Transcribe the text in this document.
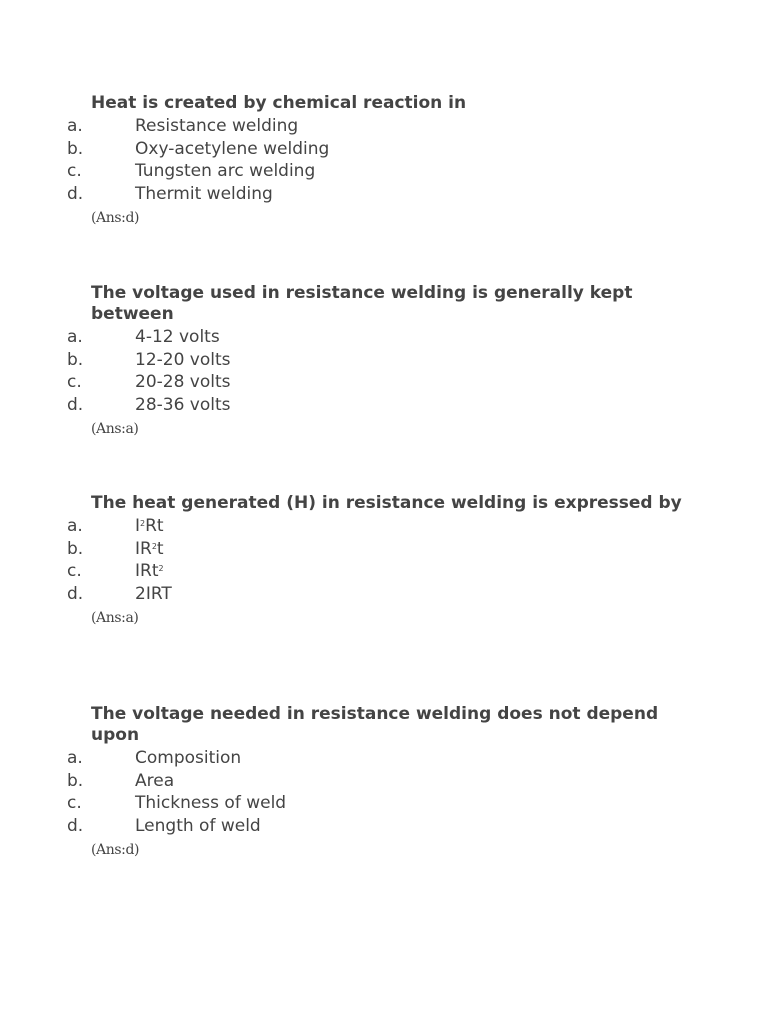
Heat is created by chemical reaction in

a.	Resistance welding
b.	Oxy-acetylene welding
c.	Tungsten arc welding
d.	Thermit welding
(Ans:d)

The voltage used in resistance welding is generally kept between

a.	4-12 volts
b.	12-20 volts
c.	20-28 volts
d.	28-36 volts
(Ans:a)

The heat generated (H) in resistance welding is expressed by

a.	$I^2Rt$
b.	$IR^2t$
c.	IRt$^2$
d.	2IRT
(Ans:a)

The voltage needed in resistance welding does not depend upon

a.	Composition
b.	Area
c.	Thickness of weld
d.	Length of weld
(Ans:d)
